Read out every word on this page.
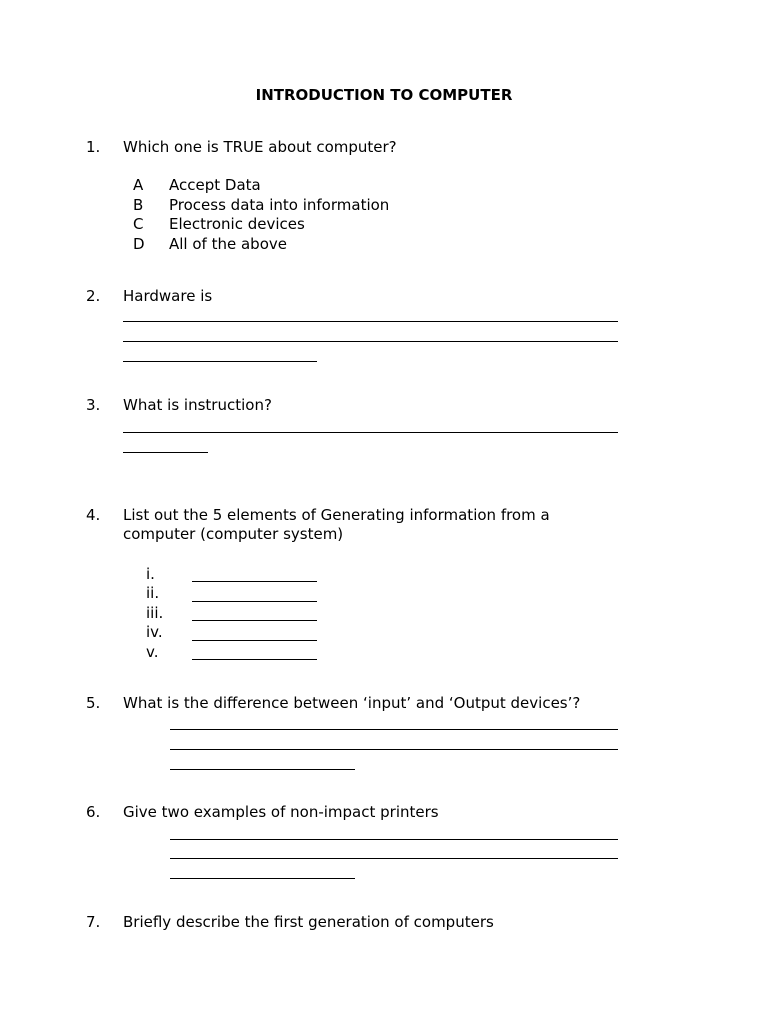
INTRODUCTION TO COMPUTER
1. Which one is TRUE about computer?
A Accept Data
B Process data into information
C Electronic devices
D All of the above
2. Hardware is
3. What is instruction?
4. List out the 5 elements of Generating information from a
computer (computer system)
i.
ii.
iii.
iv.
v.
5. What is the difference between ‘input’ and ‘Output devices’?
6. Give two examples of non-impact printers
7. Briefly describe the first generation of computers
